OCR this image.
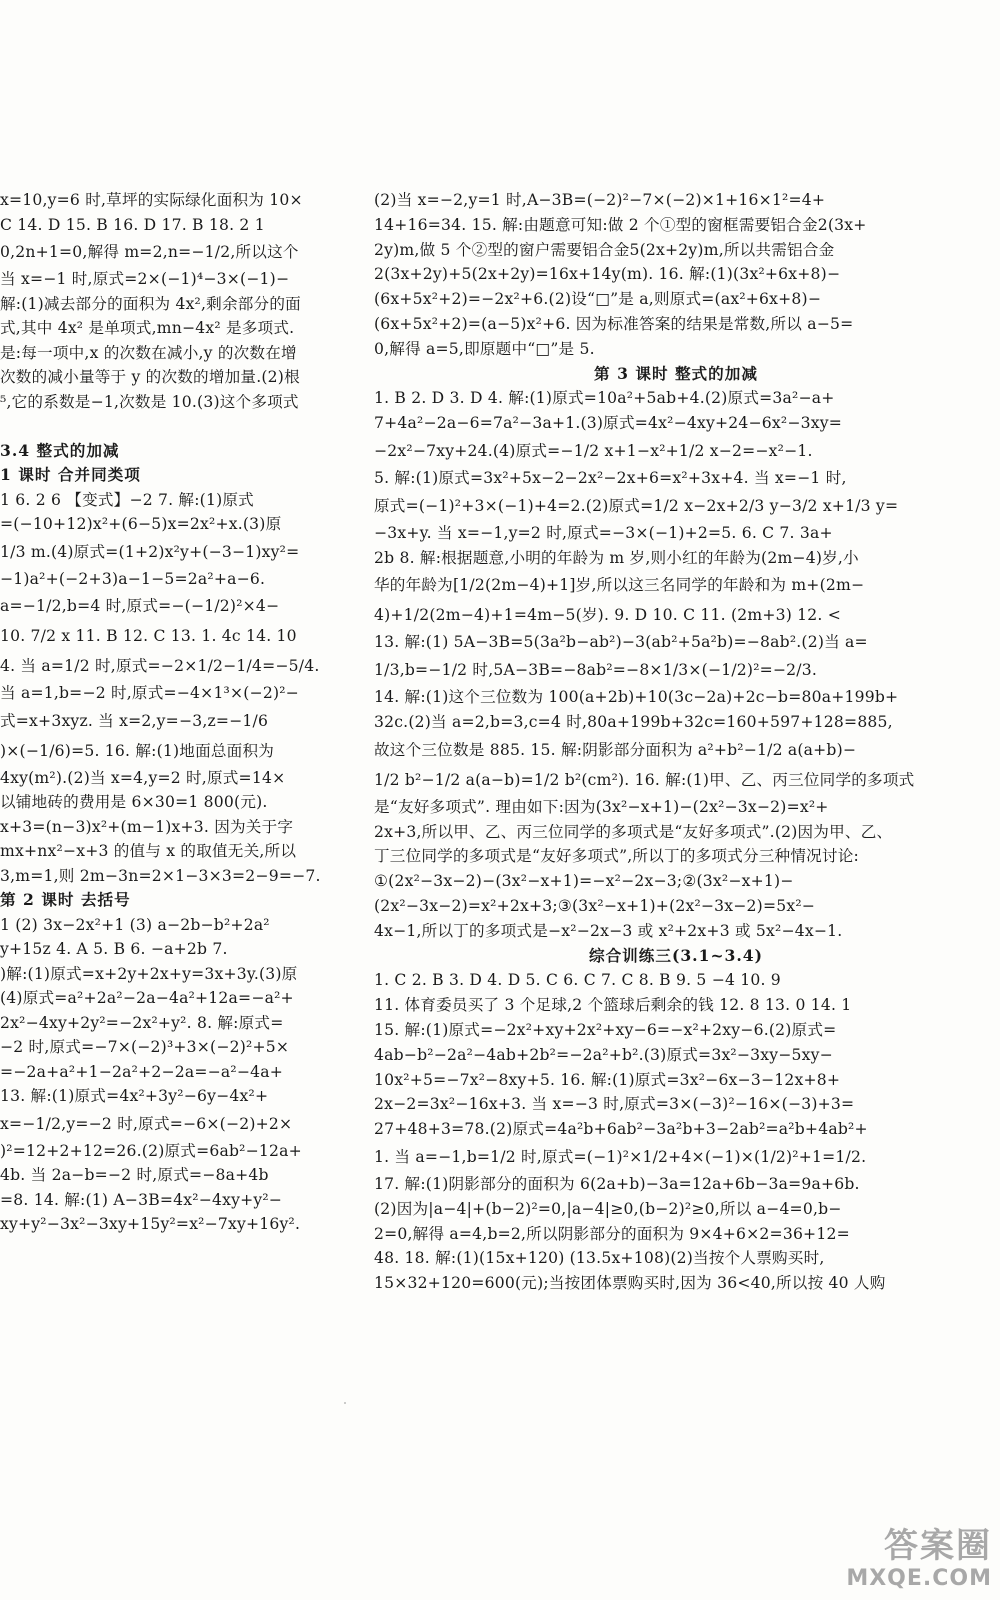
x=10,y=6 时,草坪的实际绿化面积为 10×
C 14. D 15. B 16. D 17. B 18. 2 1
0,2n+1=0,解得 m=2,n=−1/2,所以这个
当 x=−1 时,原式=2×(−1)⁴−3×(−1)−
解:(1)减去部分的面积为 4x²,剩余部分的面
式,其中 4x² 是单项式,mn−4x² 是多项式.
是:每一项中,x 的次数在减小,y 的次数在增
次数的减小量等于 y 的次数的增加量.(2)根
⁵,它的系数是−1,次数是 10.(3)这个多项式
3.4 整式的加减
1 课时 合并同类项
1 6. 2 6 【变式】−2 7. 解:(1)原式
=(−10+12)x²+(6−5)x=2x²+x.(3)原
1/3 m.(4)原式=(1+2)x²y+(−3−1)xy²=
−1)a²+(−2+3)a−1−5=2a²+a−6.
a=−1/2,b=4 时,原式=−(−1/2)²×4−
10. 7/2 x 11. B 12. C 13. 1. 4c 14. 10
4. 当 a=1/2 时,原式=−2×1/2−1/4=−5/4.
当 a=1,b=−2 时,原式=−4×1³×(−2)²−
式=x+3xyz. 当 x=2,y=−3,z=−1/6
)×(−1/6)=5. 16. 解:(1)地面总面积为
4xy(m²).(2)当 x=4,y=2 时,原式=14×
以铺地砖的费用是 6×30=1 800(元).
x+3=(n−3)x²+(m−1)x+3. 因为关于字
mx+nx²−x+3 的值与 x 的取值无关,所以
3,m=1,则 2m−3n=2×1−3×3=2−9=−7.
第 2 课时 去括号
1 (2) 3x−2x²+1 (3) a−2b−b²+2a²
y+15z 4. A 5. B 6. −a+2b 7.
)解:(1)原式=x+2y+2x+y=3x+3y.(3)原
(4)原式=a²+2a²−2a−4a²+12a=−a²+
2x²−4xy+2y²=−2x²+y². 8. 解:原式=
−2 时,原式=−7×(−2)³+3×(−2)²+5×
=−2a+a²+1−2a²+2−2a=−a²−4a+
13. 解:(1)原式=4x²+3y²−6y−4x²+
x=−1/2,y=−2 时,原式=−6×(−2)+2×
)²=12+2+12=26.(2)原式=6ab²−12a+
4b. 当 2a−b=−2 时,原式=−8a+4b
=8. 14. 解:(1) A−3B=4x²−4xy+y²−
xy+y²−3x²−3xy+15y²=x²−7xy+16y².
(2)当 x=−2,y=1 时,A−3B=(−2)²−7×(−2)×1+16×1²=4+
14+16=34. 15. 解:由题意可知:做 2 个①型的窗框需要铝合金2(3x+
2y)m,做 5 个②型的窗户需要铝合金5(2x+2y)m,所以共需铝合金
2(3x+2y)+5(2x+2y)=16x+14y(m). 16. 解:(1)(3x²+6x+8)−
(6x+5x²+2)=−2x²+6.(2)设“□”是 a,则原式=(ax²+6x+8)−
(6x+5x²+2)=(a−5)x²+6. 因为标准答案的结果是常数,所以 a−5=
0,解得 a=5,即原题中“□”是 5.
第 3 课时 整式的加减
1. B 2. D 3. D 4. 解:(1)原式=10a²+5ab+4.(2)原式=3a²−a+
7+4a²−2a−6=7a²−3a+1.(3)原式=4x²−4xy+24−6x²−3xy=
−2x²−7xy+24.(4)原式=−1/2 x+1−x²+1/2 x−2=−x²−1.
5. 解:(1)原式=3x²+5x−2−2x²−2x+6=x²+3x+4. 当 x=−1 时,
原式=(−1)²+3×(−1)+4=2.(2)原式=1/2 x−2x+2/3 y−3/2 x+1/3 y=
−3x+y. 当 x=−1,y=2 时,原式=−3×(−1)+2=5. 6. C 7. 3a+
2b 8. 解:根据题意,小明的年龄为 m 岁,则小红的年龄为(2m−4)岁,小
华的年龄为[1/2(2m−4)+1]岁,所以这三名同学的年龄和为 m+(2m−
4)+1/2(2m−4)+1=4m−5(岁). 9. D 10. C 11. (2m+3) 12. <
13. 解:(1) 5A−3B=5(3a²b−ab²)−3(ab²+5a²b)=−8ab².(2)当 a=
1/3,b=−1/2 时,5A−3B=−8ab²=−8×1/3×(−1/2)²=−2/3.
14. 解:(1)这个三位数为 100(a+2b)+10(3c−2a)+2c−b=80a+199b+
32c.(2)当 a=2,b=3,c=4 时,80a+199b+32c=160+597+128=885,
故这个三位数是 885. 15. 解:阴影部分面积为 a²+b²−1/2 a(a+b)−
1/2 b²−1/2 a(a−b)=1/2 b²(cm²). 16. 解:(1)甲、乙、丙三位同学的多项式
是“友好多项式”. 理由如下:因为(3x²−x+1)−(2x²−3x−2)=x²+
2x+3,所以甲、乙、丙三位同学的多项式是“友好多项式”.(2)因为甲、乙、
丁三位同学的多项式是“友好多项式”,所以丁的多项式分三种情况讨论:
①(2x²−3x−2)−(3x²−x+1)=−x²−2x−3;②(3x²−x+1)−
(2x²−3x−2)=x²+2x+3;③(3x²−x+1)+(2x²−3x−2)=5x²−
4x−1,所以丁的多项式是−x²−2x−3 或 x²+2x+3 或 5x²−4x−1.
综合训练三(3.1~3.4)
1. C 2. B 3. D 4. D 5. C 6. C 7. C 8. B 9. 5 −4 10. 9
11. 体育委员买了 3 个足球,2 个篮球后剩余的钱 12. 8 13. 0 14. 1
15. 解:(1)原式=−2x²+xy+2x²+xy−6=−x²+2xy−6.(2)原式=
4ab−b²−2a²−4ab+2b²=−2a²+b².(3)原式=3x²−3xy−5xy−
10x²+5=−7x²−8xy+5. 16. 解:(1)原式=3x²−6x−3−12x+8+
2x−2=3x²−16x+3. 当 x=−3 时,原式=3×(−3)²−16×(−3)+3=
27+48+3=78.(2)原式=4a²b+6ab²−3a²b+3−2ab²=a²b+4ab²+
1. 当 a=−1,b=1/2 时,原式=(−1)²×1/2+4×(−1)×(1/2)²+1=1/2.
17. 解:(1)阴影部分的面积为 6(2a+b)−3a=12a+6b−3a=9a+6b.
(2)因为|a−4|+(b−2)²=0,|a−4|≥0,(b−2)²≥0,所以 a−4=0,b−
2=0,解得 a=4,b=2,所以阴影部分的面积为 9×4+6×2=36+12=
48. 18. 解:(1)(15x+120) (13.5x+108)(2)当按个人票购买时,
15×32+120=600(元);当按团体票购买时,因为 36<40,所以按 40 人购
答案圈
MXQE.COM
